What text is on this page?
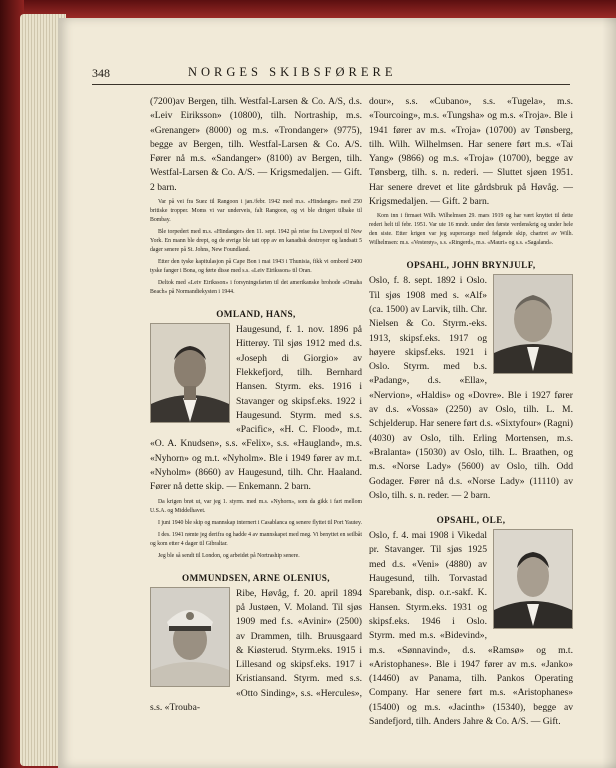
348	NORGES SKIBSFØRERE

(7200)av Bergen, tilh. Westfal-Larsen & Co. A/S, d.s. «Leiv Eiriksson» (10800), tilh. Nortraship, m.s. «Grenanger» (8000) og m.s. «Trondanger» (9775), begge av Bergen, tilh. Westfal-Larsen & Co. A/S. Fører nå m.s. «Sandanger» (8100) av Bergen, tilh. Westfal-Larsen & Co. A/S. — Krigsmedaljen. — Gift. 2 barn.

Var på vei fra Suez til Rangoon i jan./febr. 1942 med m.s. «Hindanger» med 250 britiske tropper. Moms vi var underveis, falt Rangoon, og vi ble dirigert tilbake til Bombay.

Ble torpedert med m.s. «Hindanger» den 11. sept. 1942 på reise fra Liverpool til New York. En mann ble drept, og de øvrige ble tatt opp av en kanadisk destroyer og landsatt 5 dager senere på St. Johns, New Foundland.

Etter den tyske kapitulasjon på Cape Bon i mai 1943 i Thunisia, fikk vi ombord 2400 tyske fanger i Bona, og førte disse med s.s. «Leiv Eiriksson» til Oran.

Deltok med «Leiv Eiriksson» i forsyningsfarten til det amerikanske brohode «Omaha Beach» på Normandiekysten i 1944.

OMLAND, HANS,

Haugesund, f. 1. nov. 1896 på Hitterøy. Til sjøs 1912 med d.s. «Joseph di Giorgio» av Flekkefjord, tilh. Bernhard Hansen. Styrm. eks. 1916 i Stavanger og skipsf.eks. 1922 i Haugesund. Styrm. med s.s. «Pacific», «H. C. Flood», m.t. «O. A. Knudsen», s.s. «Felix», s.s. «Haugland», m.s. «Nyhorn» og m.t. «Nyholm». Ble i 1949 fører av m.t. «Nyholm» (8660) av Haugesund, tilh. Chr. Haaland. Fører nå dette skip. — Enkemann. 2 barn.

Da krigen brøt ut, var jeg 1. styrm. med m.s. «Nyhorn», som da gikk i fart mellom U.S.A. og Middelhavet.

I juni 1940 ble skip og mannskap internert i Casablanca og senere flyttet til Port Yautey.

I des. 1941 rømte jeg derifra og hadde 4 av mannskapet med meg. Vi benyttet en seilbåt og kom etter 4 dager til Gibraltar.

Jeg ble så sendt til London, og arbeidet på Nortraship senere.

OMMUNDSEN, ARNE OLENIUS,

Ribe, Høvåg, f. 20. april 1894 på Justøen, V. Moland. Til sjøs 1909 med f.s. «Avinir» (2500) av Drammen, tilh. Bruusgaard & Kiøsterud. Styrm.eks. 1915 i Lillesand og skipsf.eks. 1917 i Kristiansand. Styrm. med s.s. «Otto Sinding», s.s. «Hercules», s.s. «Trouba-

dour», s.s. «Cubano», s.s. «Tugela», m.s. «Tourcoing», m.s. «Tungsha» og m.s. «Troja». Ble i 1941 fører av m.s. «Troja» (10700) av Tønsberg, tilh. Wilh. Wilhelmsen. Har senere ført m.s. «Tai Yang» (9866) og m.s. «Troja» (10700), begge av Tønsberg, tilh. s. n. rederi. — Sluttet sjøen 1951. Har senere drevet et lite gårdsbruk på Høvåg. — Krigsmedaljen. — Gift. 2 barn.

Kom inn i firmaet Wilh. Wilhelmsen 29. mars 1919 og har vært knyttet til dette rederi helt til febr. 1951. Var ute 16 mndr. under den første verdenskrig og under hele den siste. Etter krigen var jeg supercargo med følgende skip, chartret av Wilh. Wilhelmsen: m.s. «Vesterøy», s.s. «Ringerd», m.s. «Mauri» og s.s. «Sagaland».

OPSAHL, JOHN BRYNJULF,

Oslo, f. 8. sept. 1892 i Oslo. Til sjøs 1908 med s. «Alf» (ca. 1500) av Larvik, tilh. Chr. Nielsen & Co. Styrm.-eks. 1913, skipsf.eks. 1917 og høyere skipsf.eks. 1921 i Oslo. Styrm. med b.s. «Padang», d.s. «Ella», «Nervion», «Haldis» og «Dovre». Ble i 1927 fører av d.s. «Vossa» (2250) av Oslo, tilh. L. M. Schjelderup. Har senere ført d.s. «Sixtyfour» (Ragni) (4030) av Oslo, tilh. Erling Mortensen, m.s. «Bralanta» (15030) av Oslo, tilh. L. Braathen, og m.s. «Norse Lady» (5600) av Oslo, tilh. Odd Godager. Fører nå d.s. «Norse Lady» (11110) av Oslo, tilh. s. n. reder. — 2 barn.

OPSAHL, OLE,

Oslo, f. 4. mai 1908 i Vikedal pr. Stavanger. Til sjøs 1925 med d.s. «Veni» (4880) av Haugesund, tilh. Torvastad Sparebank, disp. o.r.-sakf. K. Hansen. Styrm.eks. 1931 og skipsf.eks. 1946 i Oslo. Styrm. med m.s. «Bidevind», m.s. «Sønnavind», d.s. «Ramsø» og m.t. «Aristophanes». Ble i 1947 fører av m.s. «Janko» (14460) av Panama, tilh. Pankos Operating Company. Har senere ført m.s. «Aristophanes» (15400) og m.s. «Jacinth» (15340), begge av Sandefjord, tilh. Anders Jahre & Co. A/S. — Gift.
